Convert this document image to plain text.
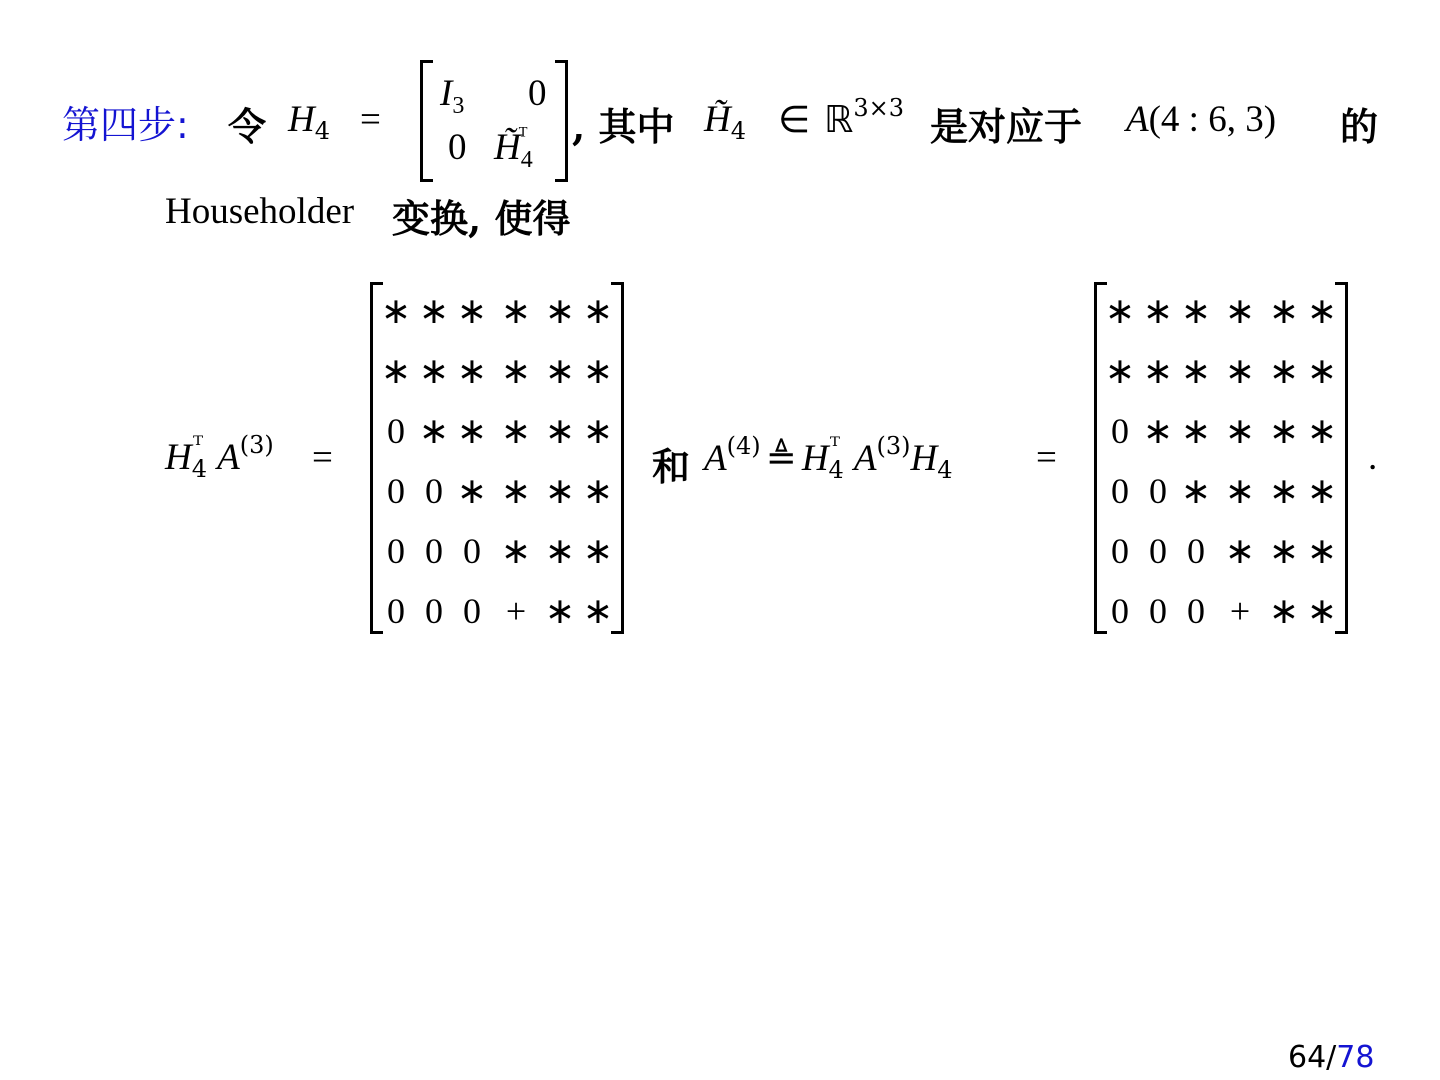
第四步: 令 H4 =
$I_3$ 0
0 $H̃_4^ᵀ$	, 其中 H̃4 ∈ ℝ3×3 是对应于 A(4 : 6, 3) 的
Householder 变换, 使得
H4ᵀ A(3) =
∗ ∗ ∗ ∗ ∗ ∗
∗ ∗ ∗ ∗ ∗ ∗
0 ∗ ∗ ∗ ∗ ∗
0 0 ∗ ∗ ∗ ∗
0 0 0 ∗ ∗ ∗
0 0 0 + ∗ ∗
和 A(4) ≜ H4ᵀ A(3)H4 =
∗ ∗ ∗ ∗ ∗ ∗
∗ ∗ ∗ ∗ ∗ ∗
0 ∗ ∗ ∗ ∗ ∗
0 0 ∗ ∗ ∗ ∗
0 0 0 ∗ ∗ ∗
0 0 0 + ∗ ∗
.
64/78
